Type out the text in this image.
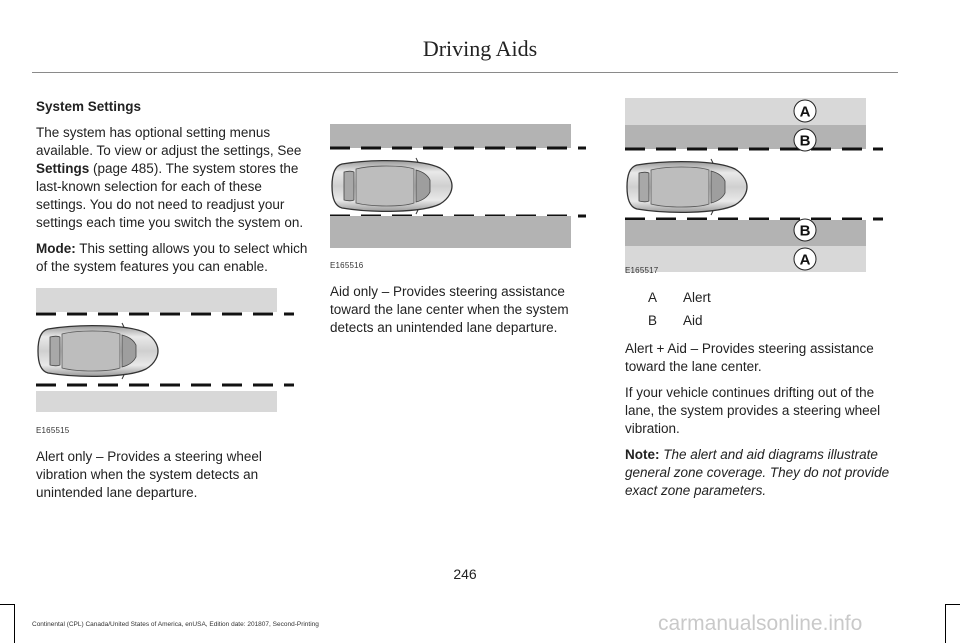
Driving Aids

System Settings

The system has optional setting menus available. To view or adjust the settings, See Settings (page 485). The system stores the last-known selection for each of these settings. You do not need to readjust your settings each time you switch the system on.

Mode: This setting allows you to select which of the system features you can enable.

E165515

Alert only – Provides a steering wheel vibration when the system detects an unintended lane departure.

E165516

Aid only – Provides steering assistance toward the lane center when the system detects an unintended lane departure.

A
B
B
A
E165517
A Alert
B Aid

Alert + Aid – Provides steering assistance toward the lane center.

If your vehicle continues drifting out of the lane, the system provides a steering wheel vibration.

Note: The alert and aid diagrams illustrate general zone coverage. They do not provide exact zone parameters.

246
Continental (CPL) Canada/United States of America, enUSA, Edition date: 201807, Second-Printing	carmanualsonline.info
